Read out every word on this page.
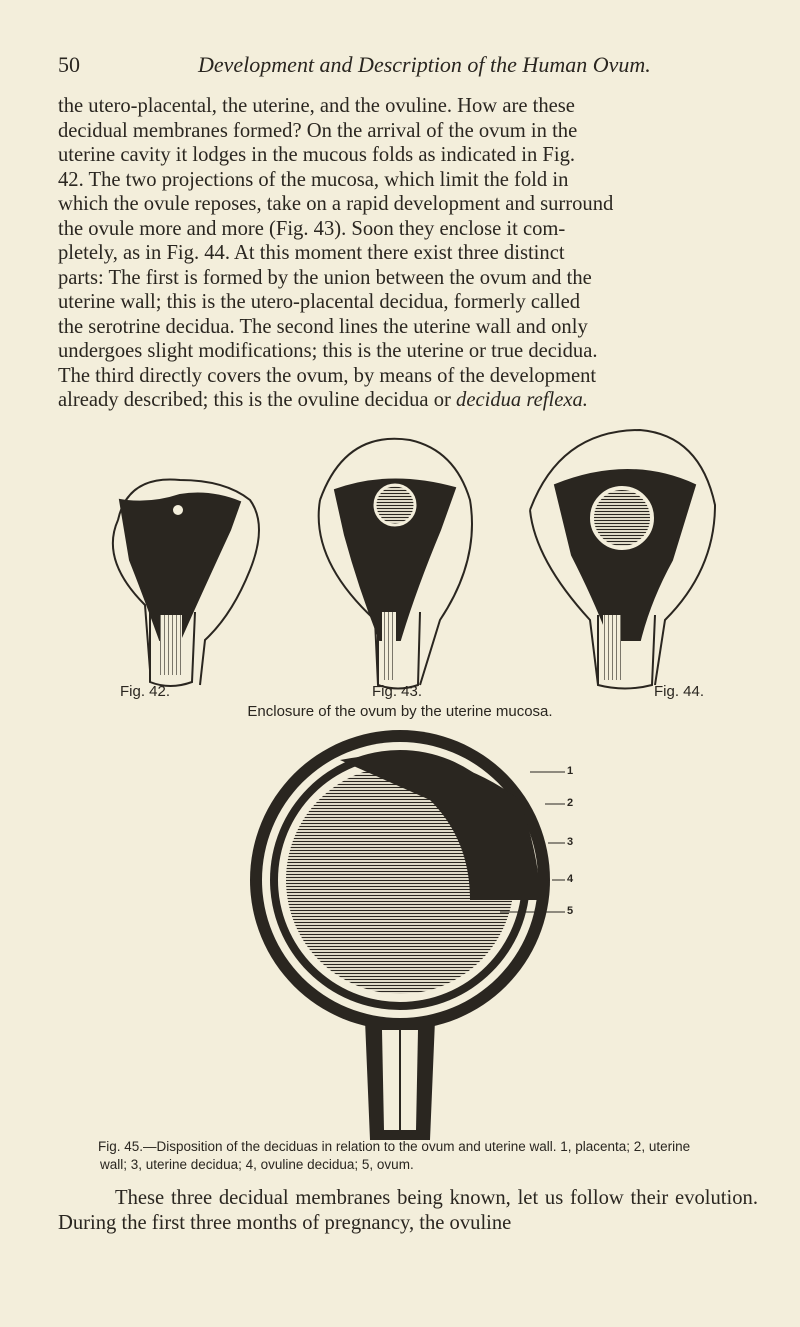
50	Development and Description of the Human Ovum.
the utero-placental, the uterine, and the ovuline. How are these
decidual membranes formed? On the arrival of the ovum in the
uterine cavity it lodges in the mucous folds as indicated in Fig.
42. The two projections of the mucosa, which limit the fold in
which the ovule reposes, take on a rapid development and surround
the ovule more and more (Fig. 43). Soon they enclose it com-
pletely, as in Fig. 44. At this moment there exist three distinct
parts: The first is formed by the union between the ovum and the
uterine wall; this is the utero-placental decidua, formerly called
the serotrine decidua. The second lines the uterine wall and only
undergoes slight modifications; this is the uterine or true decidua.
The third directly covers the ovum, by means of the development
already described; this is the ovuline decidua or decidua reflexa.
Fig. 42.	Fig. 43.	Fig. 44.
Enclosure of the ovum by the uterine mucosa.
1
2
3
4
5
Fig. 45.—Disposition of the deciduas in relation to the ovum and uterine wall. 1, placenta; 2, uterine wall; 3, uterine decidua; 4, ovuline decidua; 5, ovum.

These three decidual membranes being known, let us follow their evolution. During the first three months of pregnancy, the ovuline
